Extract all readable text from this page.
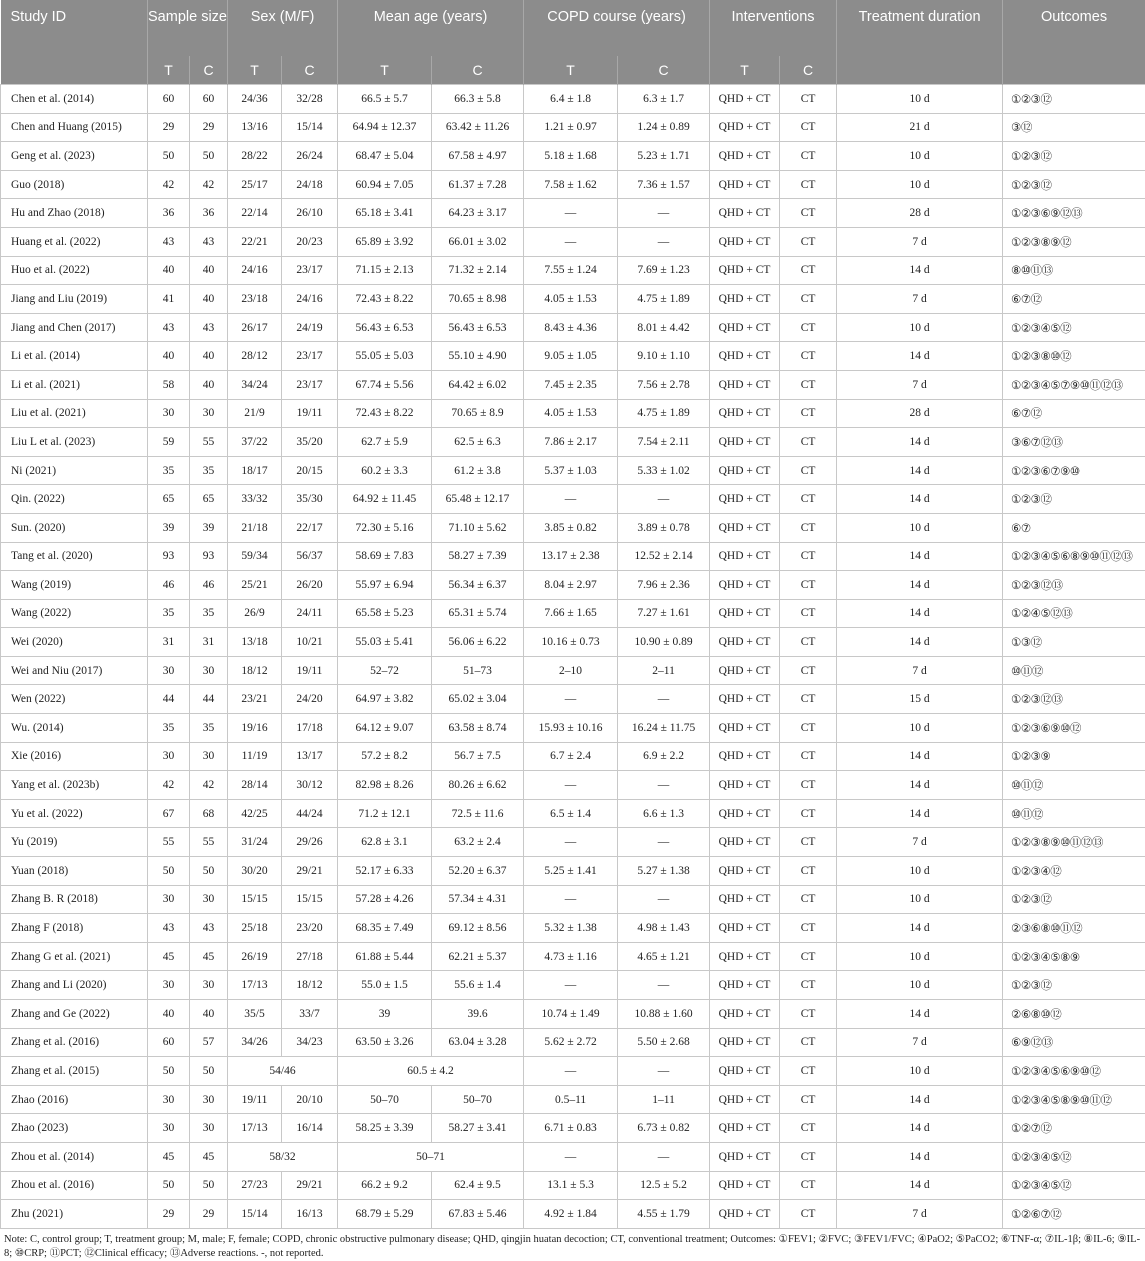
Study ID	Sample size		Sex (M/F)		Mean age (years)		COPD course (years)		Interventions		Treatment duration	Outcomes
	T	C	T	C	T	C	T	C	T	C		
Chen et al. (2014)	60	60	24/36	32/28	66.5 ± 5.7	66.3 ± 5.8	6.4 ± 1.8	6.3 ± 1.7	QHD + CT	CT	10 d	①②③⑫
Chen and Huang (2015)	29	29	13/16	15/14	64.94 ± 12.37	63.42 ± 11.26	1.21 ± 0.97	1.24 ± 0.89	QHD + CT	CT	21 d	③⑫
Geng et al. (2023)	50	50	28/22	26/24	68.47 ± 5.04	67.58 ± 4.97	5.18 ± 1.68	5.23 ± 1.71	QHD + CT	CT	10 d	①②③⑫
Guo (2018)	42	42	25/17	24/18	60.94 ± 7.05	61.37 ± 7.28	7.58 ± 1.62	7.36 ± 1.57	QHD + CT	CT	10 d	①②③⑫
Hu and Zhao (2018)	36	36	22/14	26/10	65.18 ± 3.41	64.23 ± 3.17	—	—	QHD + CT	CT	28 d	①②③⑥⑨⑫⑬
Huang et al. (2022)	43	43	22/21	20/23	65.89 ± 3.92	66.01 ± 3.02	—	—	QHD + CT	CT	7 d	①②③⑧⑨⑫
Huo et al. (2022)	40	40	24/16	23/17	71.15 ± 2.13	71.32 ± 2.14	7.55 ± 1.24	7.69 ± 1.23	QHD + CT	CT	14 d	⑧⑩⑪⑬
Jiang and Liu (2019)	41	40	23/18	24/16	72.43 ± 8.22	70.65 ± 8.98	4.05 ± 1.53	4.75 ± 1.89	QHD + CT	CT	7 d	⑥⑦⑫
Jiang and Chen (2017)	43	43	26/17	24/19	56.43 ± 6.53	56.43 ± 6.53	8.43 ± 4.36	8.01 ± 4.42	QHD + CT	CT	10 d	①②③④⑤⑫
Li et al. (2014)	40	40	28/12	23/17	55.05 ± 5.03	55.10 ± 4.90	9.05 ± 1.05	9.10 ± 1.10	QHD + CT	CT	14 d	①②③⑧⑩⑫
Li et al. (2021)	58	40	34/24	23/17	67.74 ± 5.56	64.42 ± 6.02	7.45 ± 2.35	7.56 ± 2.78	QHD + CT	CT	7 d	①②③④⑤⑦⑨⑩⑪⑫⑬
Liu et al. (2021)	30	30	21/9	19/11	72.43 ± 8.22	70.65 ± 8.9	4.05 ± 1.53	4.75 ± 1.89	QHD + CT	CT	28 d	⑥⑦⑫
Liu L et al. (2023)	59	55	37/22	35/20	62.7 ± 5.9	62.5 ± 6.3	7.86 ± 2.17	7.54 ± 2.11	QHD + CT	CT	14 d	③⑥⑦⑫⑬
Ni (2021)	35	35	18/17	20/15	60.2 ± 3.3	61.2 ± 3.8	5.37 ± 1.03	5.33 ± 1.02	QHD + CT	CT	14 d	①②③⑥⑦⑨⑩
Qin. (2022)	65	65	33/32	35/30	64.92 ± 11.45	65.48 ± 12.17	—	—	QHD + CT	CT	14 d	①②③⑫
Sun. (2020)	39	39	21/18	22/17	72.30 ± 5.16	71.10 ± 5.62	3.85 ± 0.82	3.89 ± 0.78	QHD + CT	CT	10 d	⑥⑦
Tang et al. (2020)	93	93	59/34	56/37	58.69 ± 7.83	58.27 ± 7.39	13.17 ± 2.38	12.52 ± 2.14	QHD + CT	CT	14 d	①②③④⑤⑥⑧⑨⑩⑪⑫⑬
Wang (2019)	46	46	25/21	26/20	55.97 ± 6.94	56.34 ± 6.37	8.04 ± 2.97	7.96 ± 2.36	QHD + CT	CT	14 d	①②③⑫⑬
Wang (2022)	35	35	26/9	24/11	65.58 ± 5.23	65.31 ± 5.74	7.66 ± 1.65	7.27 ± 1.61	QHD + CT	CT	14 d	①②④⑤⑫⑬
Wei (2020)	31	31	13/18	10/21	55.03 ± 5.41	56.06 ± 6.22	10.16 ± 0.73	10.90 ± 0.89	QHD + CT	CT	14 d	①③⑫
Wei and Niu (2017)	30	30	18/12	19/11	52–72	51–73	2–10	2–11	QHD + CT	CT	7 d	⑩⑪⑫
Wen (2022)	44	44	23/21	24/20	64.97 ± 3.82	65.02 ± 3.04	—	—	QHD + CT	CT	15 d	①②③⑫⑬
Wu. (2014)	35	35	19/16	17/18	64.12 ± 9.07	63.58 ± 8.74	15.93 ± 10.16	16.24 ± 11.75	QHD + CT	CT	10 d	①②③⑥⑨⑩⑫
Xie (2016)	30	30	11/19	13/17	57.2 ± 8.2	56.7 ± 7.5	6.7 ± 2.4	6.9 ± 2.2	QHD + CT	CT	14 d	①②③⑨
Yang et al. (2023b)	42	42	28/14	30/12	82.98 ± 8.26	80.26 ± 6.62	—	—	QHD + CT	CT	14 d	⑩⑪⑫
Yu et al. (2022)	67	68	42/25	44/24	71.2 ± 12.1	72.5 ± 11.6	6.5 ± 1.4	6.6 ± 1.3	QHD + CT	CT	14 d	⑩⑪⑫
Yu (2019)	55	55	31/24	29/26	62.8 ± 3.1	63.2 ± 2.4	—	—	QHD + CT	CT	7 d	①②③⑧⑨⑩⑪⑫⑬
Yuan (2018)	50	50	30/20	29/21	52.17 ± 6.33	52.20 ± 6.37	5.25 ± 1.41	5.27 ± 1.38	QHD + CT	CT	10 d	①②③④⑫
Zhang B. R (2018)	30	30	15/15	15/15	57.28 ± 4.26	57.34 ± 4.31	—	—	QHD + CT	CT	10 d	①②③⑫
Zhang F (2018)	43	43	25/18	23/20	68.35 ± 7.49	69.12 ± 8.56	5.32 ± 1.38	4.98 ± 1.43	QHD + CT	CT	14 d	②③⑥⑧⑩⑪⑫
Zhang G et al. (2021)	45	45	26/19	27/18	61.88 ± 5.44	62.21 ± 5.37	4.73 ± 1.16	4.65 ± 1.21	QHD + CT	CT	10 d	①②③④⑤⑧⑨
Zhang and Li (2020)	30	30	17/13	18/12	55.0 ± 1.5	55.6 ± 1.4	—	—	QHD + CT	CT	10 d	①②③⑫
Zhang and Ge (2022)	40	40	35/5	33/7	39	39.6	10.74 ± 1.49	10.88 ± 1.60	QHD + CT	CT	14 d	②⑥⑧⑩⑫
Zhang et al. (2016)	60	57	34/26	34/23	63.50 ± 3.26	63.04 ± 3.28	5.62 ± 2.72	5.50 ± 2.68	QHD + CT	CT	7 d	⑥⑨⑫⑬
Zhang et al. (2015)	50	50	54/46		60.5 ± 4.2		—	—	QHD + CT	CT	10 d	①②③④⑤⑥⑨⑩⑫
Zhao (2016)	30	30	19/11	20/10	50–70	50–70	0.5–11	1–11	QHD + CT	CT	14 d	①②③④⑤⑧⑨⑩⑪⑫
Zhao (2023)	30	30	17/13	16/14	58.25 ± 3.39	58.27 ± 3.41	6.71 ± 0.83	6.73 ± 0.82	QHD + CT	CT	14 d	①②⑦⑫
Zhou et al. (2014)	45	45	58/32		50–71		—	—	QHD + CT	CT	14 d	①②③④⑤⑫
Zhou et al. (2016)	50	50	27/23	29/21	66.2 ± 9.2	62.4 ± 9.5	13.1 ± 5.3	12.5 ± 5.2	QHD + CT	CT	14 d	①②③④⑤⑫
Zhu (2021)	29	29	15/14	16/13	68.79 ± 5.29	67.83 ± 5.46	4.92 ± 1.84	4.55 ± 1.79	QHD + CT	CT	7 d	①②⑥⑦⑫
Note: C, control group; T, treatment group; M, male; F, female; COPD, chronic obstructive pulmonary disease; QHD, qingjin huatan decoction; CT, conventional treatment; Outcomes: ①FEV1; ②FVC; ③FEV1/FVC; ④PaO2; ⑤PaCO2; ⑥TNF-α; ⑦IL-1β; ⑧IL-6; ⑨IL-8; ⑩CRP; ⑪PCT; ⑫Clinical efficacy; ⑬Adverse reactions. -, not reported.
